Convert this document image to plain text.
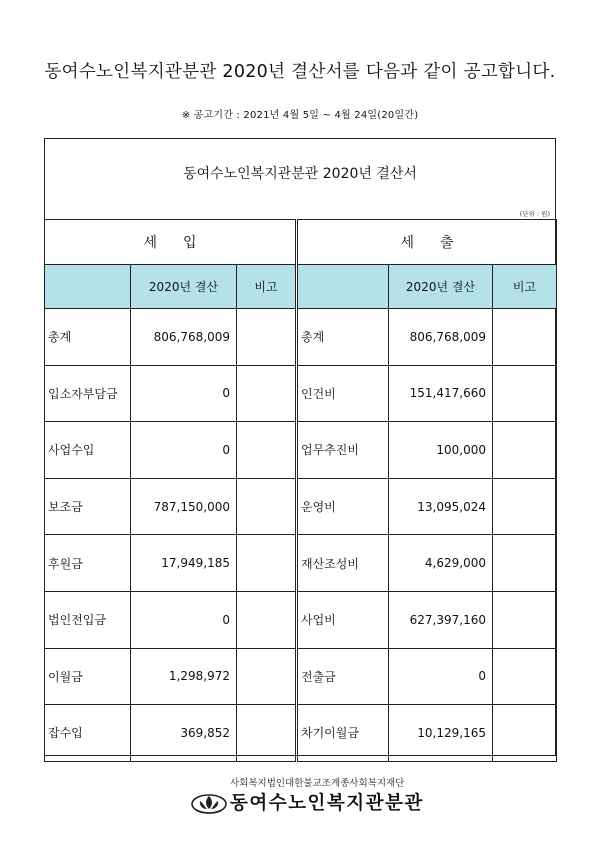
동여수노인복지관분관 2020년 결산서를 다음과 같이 공고합니다.
※ 공고기간 : 2021년 4월 5일 ~ 4월 24일(20일간)
동여수노인복지관분관 2020년 결산서
(단위 : 원)
세입			세출		
	2020년 결산	비고		2020년 결산	비고
총계	806,768,009		총계	806,768,009	
입소자부담금	0		인건비	151,417,660	
사업수입	0		업무추진비	100,000	
보조금	787,150,000		운영비	13,095,024	
후원금	17,949,185		재산조성비	4,629,000	
법인전입금	0		사업비	627,397,160	
이월금	1,298,972		전출금	0	
잡수입	369,852		차기이월금	10,129,165	
사회복지법인대한불교조계종사회복지재단
동여수노인복지관분관
